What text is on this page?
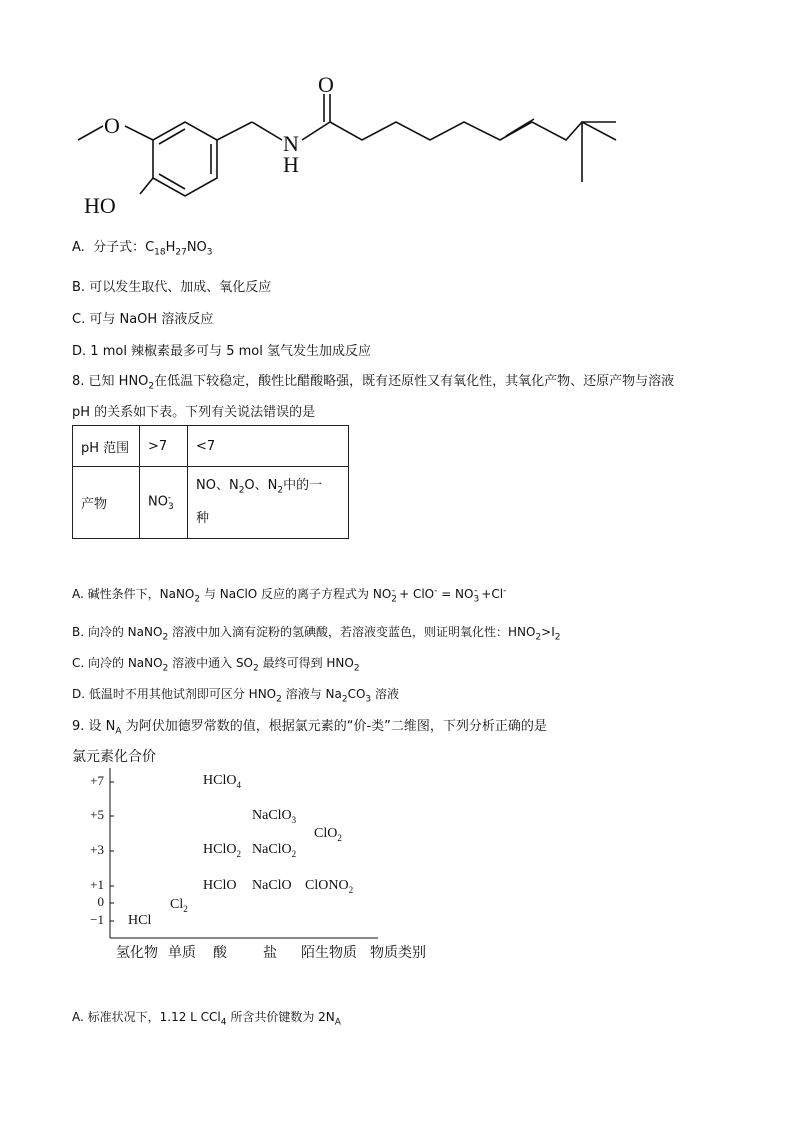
O
N
H
O
HO
A. 分子式：$C_{18}H_{27}NO_3$
B. 可以发生取代、加成、氧化反应
C. 可与 NaOH 溶液反应
D. 1 mol 辣椒素最多可与 5 mol 氢气发生加成反应
8. 已知 $HNO_2$在低温下较稳定，酸性比醋酸略强，既有还原性又有氧化性，其氧化产物、还原产物与溶液
pH 的关系如下表。下列有关说法错误的是
pH 范围	>7	<7
产物	$NO_3^-$	NO、$N_2O$、$N_2$中的一
种
A. 碱性条件下，NaNO$_2$ 与 NaClO 反应的离子方程式为 $NO_2^- + ClO^- = NO_3^- +Cl^-$
B. 向冷的 NaNO$_2$ 溶液中加入滴有淀粉的氢碘酸，若溶液变蓝色，则证明氧化性：$HNO_2>I_2$
C. 向冷的 NaNO$_2$ 溶液中通入 $SO_2$ 最终可得到 $HNO_2$
D. 低温时不用其他试剂即可区分 $HNO_2$ 溶液与 $Na_2CO_3$ 溶液
9. 设 $N_A$ 为阿伏加德罗常数的值，根据氯元素的“价-类”二维图，下列分析正确的是
氯元素化合价
+7
+5
+3
+1
0
−1
HClO$_4$
NaClO$_3$
ClO$_2$
HClO$_2$ NaClO$_2$
HClO NaClO ClONO$_2$
$Cl_2$
HCl
氢化物 单质 酸	盐 陌生物质 物质类别
A. 标准状况下，1.12 L CCl$_4$ 所含共价键数为 $2N_A$
